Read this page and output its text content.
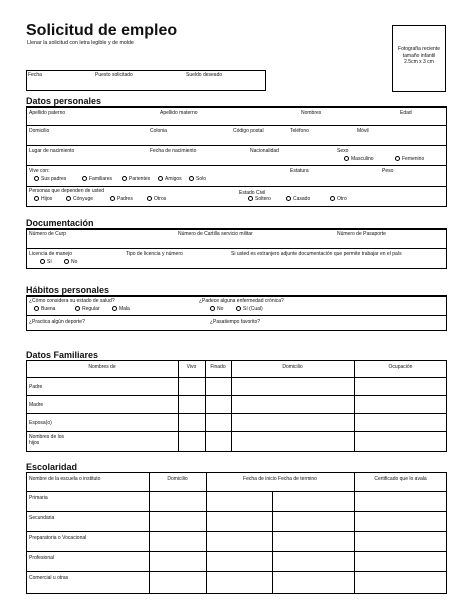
Solicitud de empleo
Llenar la solicitud con letra legible y de molde
Fotografía reciente
tamaño infantil
2.5cm x 3 cm
Fecha	Puesto solicitado	Sueldo deseado
Datos personales
Apellido paterno	Apellido materno	Nombres	Edad
Domicilio	Colonia	Código postal	Teléfono	Móvil
Lugar de nacimiento	Fecha de nacimiento	Nacionalidad	Sexo
Masculino	Femenino
Vive con:
Sus padres	Familiares	Parientes	Amigos	Solo
Estatura	Peso
Personas que dependen de usted
Hijos	Cónyuge	Padres	Otros
Estado Civil
Soltero	Casado	Otro
Documentación
Número de Curp	Número de Cartilla servicio militar	Número de Pasaporte
Licencia de manejo	Tipo de licencia y número	Si usted es extranjero adjunte documentación que permite trabajar en el país
Sí	No
Hábitos personales
¿Cómo considera su estado de salud?
Buena	Regular	Mala
¿Padece alguna enfermedad crónica?
No	Sí (Cual)
¿Practica algún deporte?	¿Pasatiempo favorito?
Datos Familiares
Nombres de	Vivo	Finado	Domicilio	Ocupación
Padre
Madre
Esposa(o)
Nombres de los hijos
Escolaridad
Nombre de la escuela o instituto	Domicilio	Fecha de inicio Fecha de termino	Certificado que lo avala
Primaria
Secundaria
Preparatoria o Vocacional
Profesional
Comercial u otras
